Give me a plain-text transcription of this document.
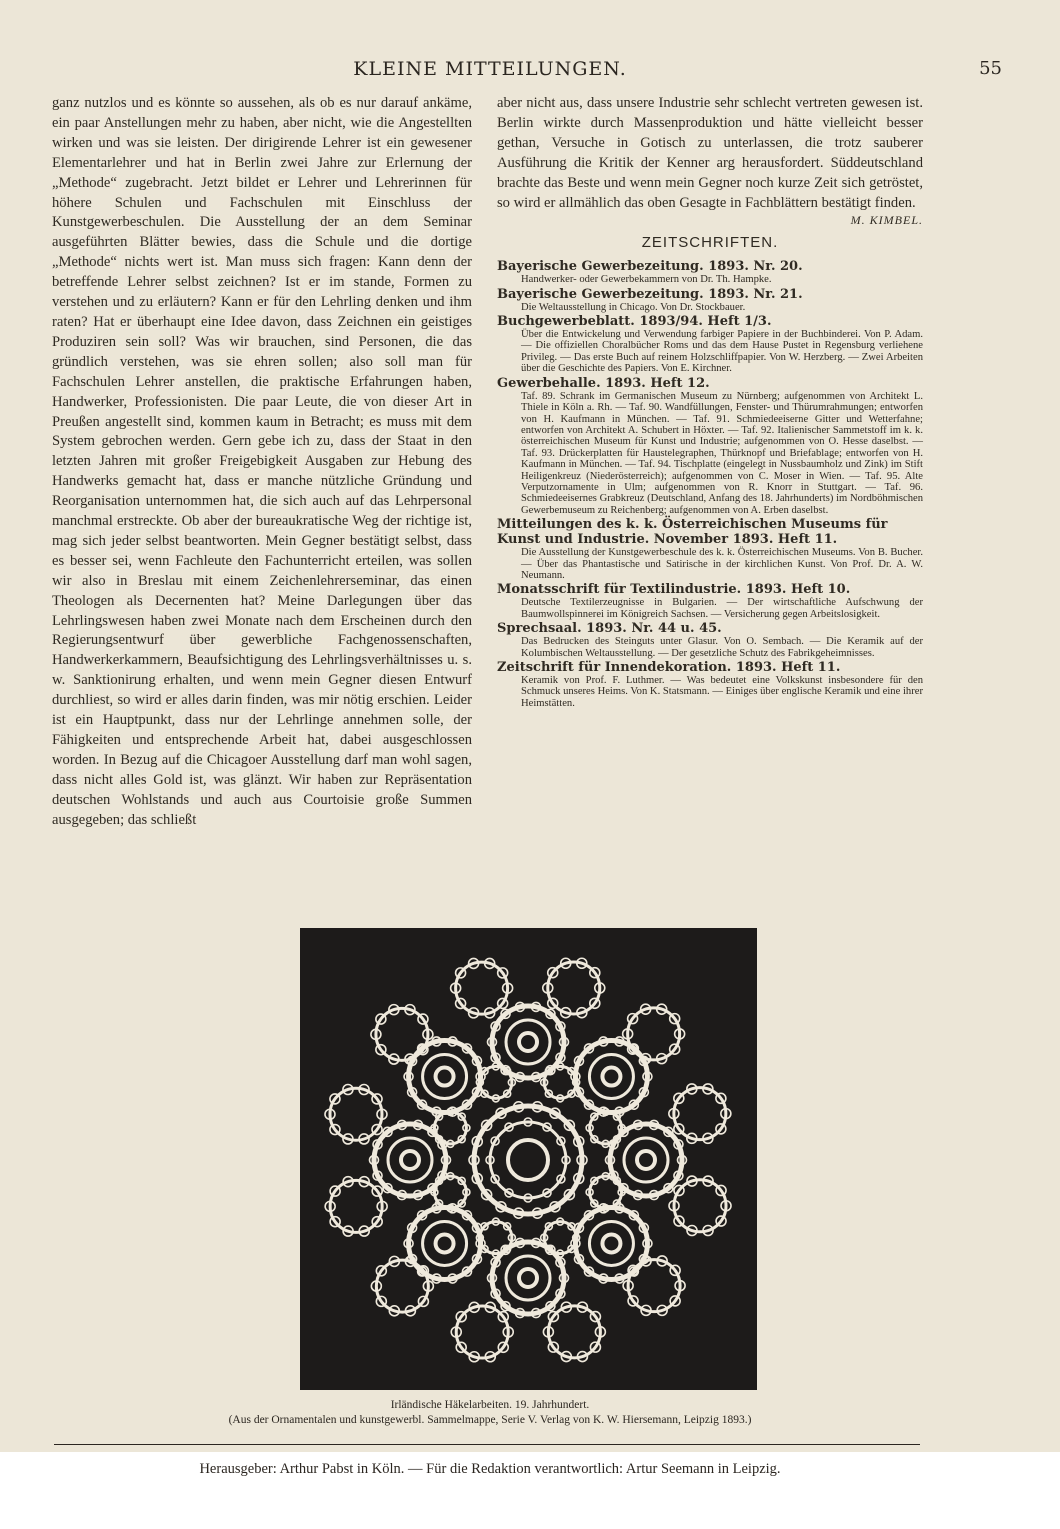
KLEINE MITTEILUNGEN.	55

ganz nutzlos und es könnte so aussehen, als ob es nur darauf ankäme, ein paar Anstellungen mehr zu haben, aber nicht, wie die Angestellten wirken und was sie leisten. Der dirigirende Lehrer ist ein gewesener Elementarlehrer und hat in Berlin zwei Jahre zur Erlernung der „Methode“ zugebracht. Jetzt bildet er Lehrer und Lehrerinnen für höhere Schulen und Fachschulen mit Einschluss der Kunstgewerbeschulen. Die Ausstellung der an dem Seminar ausgeführten Blätter bewies, dass die Schule und die dortige „Methode“ nichts wert ist. Man muss sich fragen: Kann denn der betreffende Lehrer selbst zeichnen? Ist er im stande, Formen zu verstehen und zu erläutern? Kann er für den Lehrling denken und ihm raten? Hat er überhaupt eine Idee davon, dass Zeichnen ein geistiges Produziren sein soll? Was wir brauchen, sind Personen, die das gründlich verstehen, was sie ehren sollen; also soll man für Fachschulen Lehrer anstellen, die praktische Erfahrungen haben, Handwerker, Professionisten. Die paar Leute, die von dieser Art in Preußen angestellt sind, kommen kaum in Betracht; es muss mit dem System gebrochen werden. Gern gebe ich zu, dass der Staat in den letzten Jahren mit großer Freigebigkeit Ausgaben zur Hebung des Handwerks gemacht hat, dass er manche nützliche Gründung und Reorganisation unternommen hat, die sich auch auf das Lehrpersonal manchmal erstreckte. Ob aber der bureaukratische Weg der richtige ist, mag sich jeder selbst beantworten. Mein Gegner bestätigt selbst, dass es besser sei, wenn Fachleute den Fachunterricht erteilen, was sollen wir also in Breslau mit einem Zeichenlehrerseminar, das einen Theologen als Decernenten hat? Meine Darlegungen über das Lehrlingswesen haben zwei Monate nach dem Erscheinen durch den Regierungsentwurf über gewerbliche Fachgenossenschaften, Handwerkerkammern, Beaufsichtigung des Lehrlingsverhältnisses u. s. w. Sanktionirung erhalten, und wenn mein Gegner diesen Entwurf durchliest, so wird er alles darin finden, was mir nötig erschien. Leider ist ein Hauptpunkt, dass nur der Lehrlinge annehmen solle, der Fähigkeiten und entsprechende Arbeit hat, dabei ausgeschlossen worden. In Bezug auf die Chicagoer Ausstellung darf man wohl sagen, dass nicht alles Gold ist, was glänzt. Wir haben zur Repräsentation deutschen Wohlstands und auch aus Courtoisie große Summen ausgegeben; das schließt

aber nicht aus, dass unsere Industrie sehr schlecht vertreten gewesen ist. Berlin wirkte durch Massenproduktion und hätte vielleicht besser gethan, Versuche in Gotisch zu unterlassen, die trotz sauberer Ausführung die Kritik der Kenner arg herausfordert. Süddeutschland brachte das Beste und wenn mein Gegner noch kurze Zeit sich getröstet, so wird er allmählich das oben Gesagte in Fachblättern bestätigt finden.

M. KIMBEL.
ZEITSCHRIFTEN.
Bayerische Gewerbezeitung. 1893. Nr. 20.
Handwerker- oder Gewerbekammern von Dr. Th. Hampke.
Bayerische Gewerbezeitung. 1893. Nr. 21.
Die Weltausstellung in Chicago. Von Dr. Stockbauer.
Buchgewerbeblatt. 1893/94. Heft 1/3.
Über die Entwickelung und Verwendung farbiger Papiere in der Buchbinderei. Von P. Adam. — Die offiziellen Choralbücher Roms und das dem Hause Pustet in Regensburg verliehene Privileg. — Das erste Buch auf reinem Holzschliffpapier. Von W. Herzberg. — Zwei Arbeiten über die Geschichte des Papiers. Von E. Kirchner.
Gewerbehalle. 1893. Heft 12.
Taf. 89. Schrank im Germanischen Museum zu Nürnberg; aufgenommen von Architekt L. Thiele in Köln a. Rh. — Taf. 90. Wandfüllungen, Fenster- und Thürumrahmungen; entworfen von H. Kaufmann in München. — Taf. 91. Schmiedeeiserne Gitter und Wetterfahne; entworfen von Architekt A. Schubert in Höxter. — Taf. 92. Italienischer Sammetstoff im k. k. österreichischen Museum für Kunst und Industrie; aufgenommen von O. Hesse daselbst. — Taf. 93. Drückerplatten für Haustelegraphen, Thürknopf und Briefablage; entworfen von H. Kaufmann in München. — Taf. 94. Tischplatte (eingelegt in Nussbaumholz und Zink) im Stift Heiligenkreuz (Niederösterreich); aufgenommen von C. Moser in Wien. — Taf. 95. Alte Verputzornamente in Ulm; aufgenommen von R. Knorr in Stuttgart. — Taf. 96. Schmiedeeisernes Grabkreuz (Deutschland, Anfang des 18. Jahrhunderts) im Nordböhmischen Gewerbemuseum zu Reichenberg; aufgenommen von A. Erben daselbst.
Mitteilungen des k. k. Österreichischen Museums für Kunst und Industrie. November 1893. Heft 11.
Die Ausstellung der Kunstgewerbeschule des k. k. Österreichischen Museums. Von B. Bucher. — Über das Phantastische und Satirische in der kirchlichen Kunst. Von Prof. Dr. A. W. Neumann.
Monatsschrift für Textilindustrie. 1893. Heft 10.
Deutsche Textilerzeugnisse in Bulgarien. — Der wirtschaftliche Aufschwung der Baumwollspinnerei im Königreich Sachsen. — Versicherung gegen Arbeitslosigkeit.
Sprechsaal. 1893. Nr. 44 u. 45.
Das Bedrucken des Steinguts unter Glasur. Von O. Sembach. — Die Keramik auf der Kolumbischen Weltausstellung. — Der gesetzliche Schutz des Fabrikgeheimnisses.
Zeitschrift für Innendekoration. 1893. Heft 11.
Keramik von Prof. F. Luthmer. — Was bedeutet eine Volkskunst insbesondere für den Schmuck unseres Heims. Von K. Statsmann. — Einiges über englische Keramik und eine ihrer Heimstätten.
Irländische Häkelarbeiten. 19. Jahrhundert.
(Aus der Ornamentalen und kunstgewerbl. Sammelmappe, Serie V. Verlag von K. W. Hiersemann, Leipzig 1893.)
Herausgeber: Arthur Pabst in Köln. — Für die Redaktion verantwortlich: Artur Seemann in Leipzig.
